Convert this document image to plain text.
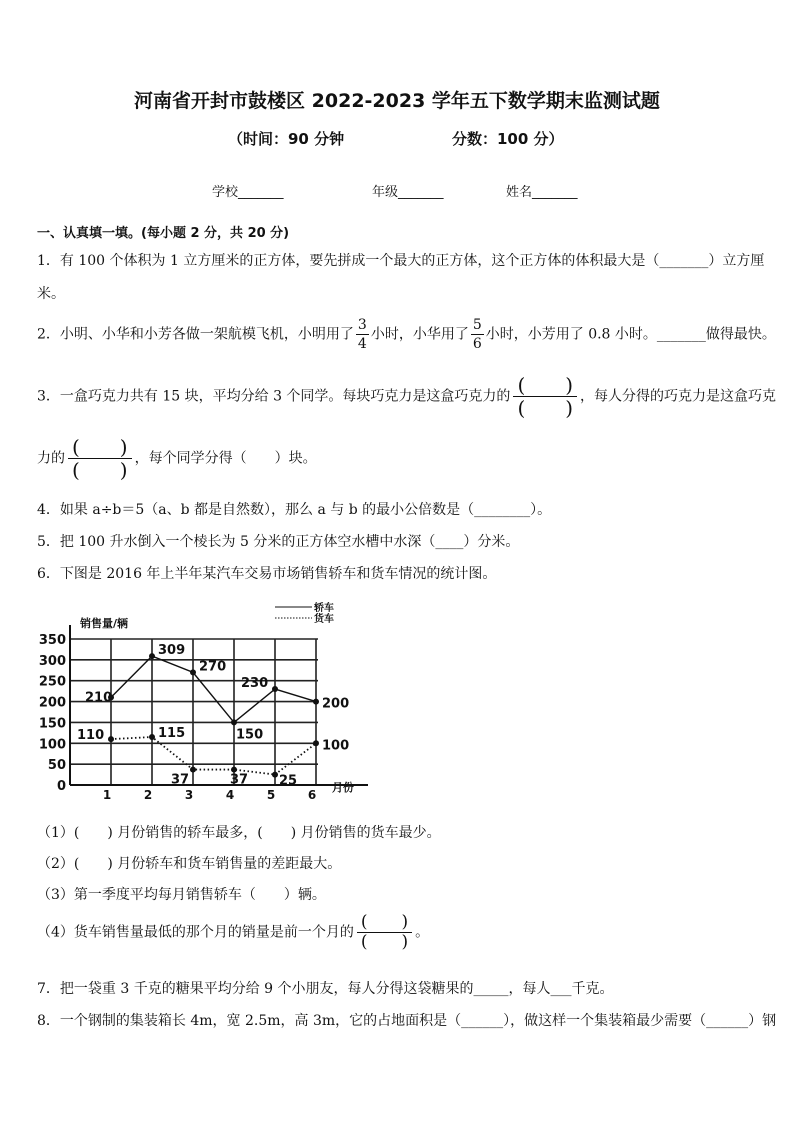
河南省开封市鼓楼区 2022-2023 学年五下数学期末监测试题
（时间：90 分钟	分数：100 分）
学校_______	年级_______	姓名_______
一、认真填一填。(每小题 2 分，共 20 分)
1．有 100 个体积为 1 立方厘米的正方体，要先拼成一个最大的正方体，这个正方体的体积最大是（_______）立方厘
米。
2．小明、小华和小芳各做一架航模飞机，小明用了 $\frac{3}{4}$ 小时，小华用了 $\frac{5}{6}$ 小时，小芳用了 0.8 小时。_______做得最快。
3．一盒巧克力共有 15 块，平均分给 3 个同学。每块巧克力是这盒巧克力的 (　　)
(　　) ，每人分得的巧克力是这盒巧克
力的 (　　)
(　　) ，每个同学分得（　　）块。
4．如果 a÷b＝5（a、b 都是自然数），那么 a 与 b 的最小公倍数是（________）。
5．把 100 升水倒入一个棱长为 5 分米的正方体空水槽中水深（____）分米。
6．下图是 2016 年上半年某汽车交易市场销售轿车和货车情况的统计图。
0
50
100
150
200
250
300
350
1	2	3	4	5	6
销售量/辆
月份
轿车
货车
210
309
270
150
230
200
110	115
37	37 25
100
（1）(　　) 月份销售的轿车最多，(　　) 月份销售的货车最少。
（2）(　　) 月份轿车和货车销售量的差距最大。
（3）第一季度平均每月销售轿车（　　）辆。
（4）货车销售量最低的那个月的销量是前一个月的
(　　)
(　　) 。
7．把一袋重 3 千克的糖果平均分给 9 个小朋友，每人分得这袋糖果的_____，每人___千克。
8．一个钢制的集装箱长 4m，宽 2.5m，高 3m，它的占地面积是（______），做这样一个集装箱最少需要（______）钢
